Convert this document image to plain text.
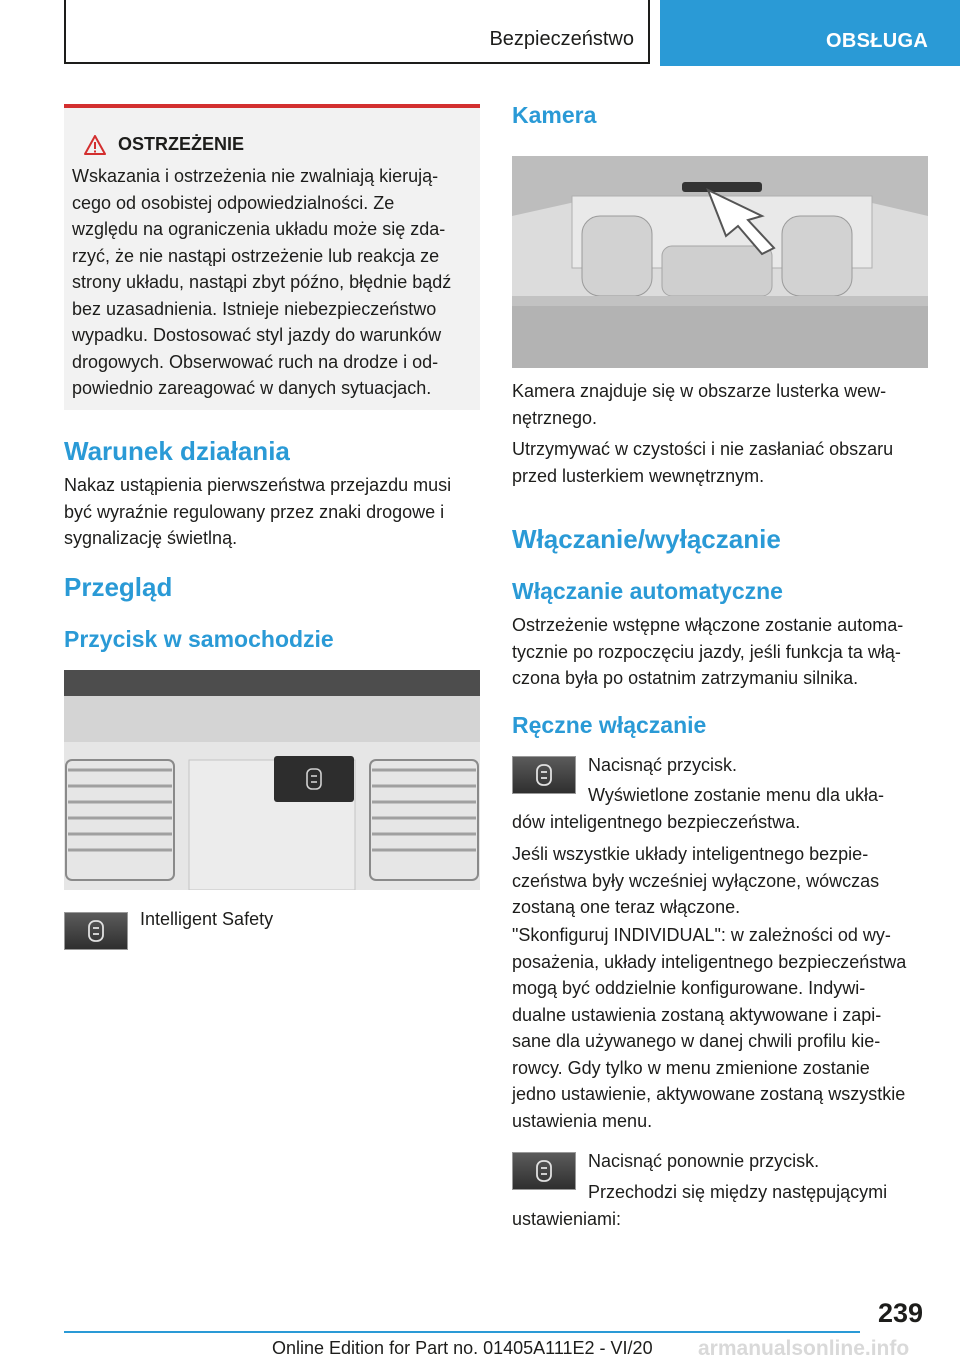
Bezpieczeństwo	OBSŁUGA
OSTRZEŻENIE
Wskazania i ostrzeżenia nie zwalniają kierują-
cego od osobistej odpowiedzialności. Ze
względu na ograniczenia układu może się zda-
rzyć, że nie nastąpi ostrzeżenie lub reakcja ze
strony układu, nastąpi zbyt późno, błędnie bądź
bez uzasadnienia. Istnieje niebezpieczeństwo
wypadku. Dostosować styl jazdy do warunków
drogowych. Obserwować ruch na drodze i od-
powiednio zareagować w danych sytuacjach.
Warunek działania
Nakaz ustąpienia pierwszeństwa przejazdu musi
być wyraźnie regulowany przez znaki drogowe i
sygnalizację świetlną.
Przegląd
Przycisk w samochodzie
Intelligent Safety
Kamera
Kamera znajduje się w obszarze lusterka wew-
nętrznego.
Utrzymywać w czystości i nie zasłaniać obszaru
przed lusterkiem wewnętrznym.
Włączanie/wyłączanie
Włączanie automatyczne
Ostrzeżenie wstępne włączone zostanie automa-
tycznie po rozpoczęciu jazdy, jeśli funkcja ta włą-
czona była po ostatnim zatrzymaniu silnika.
Ręczne włączanie
Nacisnąć przycisk.
Wyświetlone zostanie menu dla ukła-
dów inteligentnego bezpieczeństwa.
Jeśli wszystkie układy inteligentnego bezpie-
czeństwa były wcześniej wyłączone, wówczas
zostaną one teraz włączone.
"Skonfiguruj INDIVIDUAL": w zależności od wy-
posażenia, układy inteligentnego bezpieczeństwa
mogą być oddzielnie konfigurowane. Indywi-
dualne ustawienia zostaną aktywowane i zapi-
sane dla używanego w danej chwili profilu kie-
rowcy. Gdy tylko w menu zmienione zostanie
jedno ustawienie, aktywowane zostaną wszystkie
ustawienia menu.
Nacisnąć ponownie przycisk.
Przechodzi się między następującymi
ustawieniami:
239
Online Edition for Part no. 01405A111E2 - VI/20 armanualsonline.info
